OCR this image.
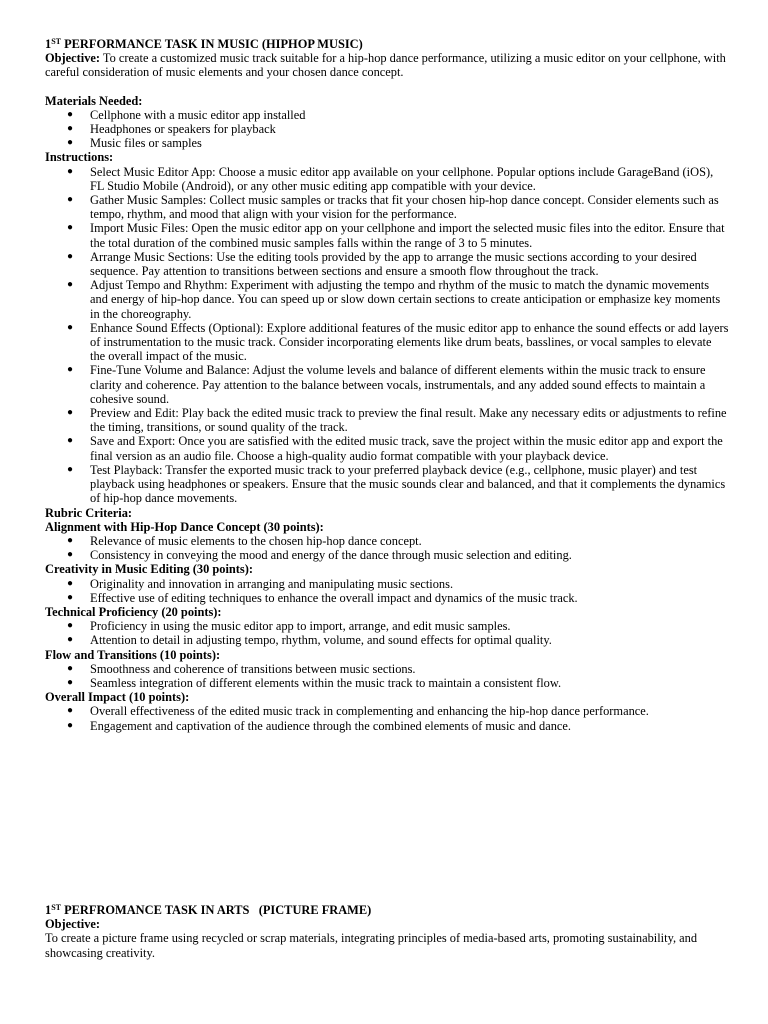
1ST PERFORMANCE TASK IN MUSIC (HIPHOP MUSIC)

Objective: To create a customized music track suitable for a hip-hop dance performance, utilizing a music editor on your cellphone, with careful consideration of music elements and your chosen dance concept.

Materials Needed:

● Cellphone with a music editor app installed
● Headphones or speakers for playback
● Music files or samples

Instructions:

● Select Music Editor App: Choose a music editor app available on your cellphone. Popular options include GarageBand (iOS), FL Studio Mobile (Android), or any other music editing app compatible with your device.
● Gather Music Samples: Collect music samples or tracks that fit your chosen hip-hop dance concept. Consider elements such as tempo, rhythm, and mood that align with your vision for the performance.
● Import Music Files: Open the music editor app on your cellphone and import the selected music files into the editor. Ensure that the total duration of the combined music samples falls within the range of 3 to 5 minutes.
● Arrange Music Sections: Use the editing tools provided by the app to arrange the music sections according to your desired sequence. Pay attention to transitions between sections and ensure a smooth flow throughout the track.
● Adjust Tempo and Rhythm: Experiment with adjusting the tempo and rhythm of the music to match the dynamic movements and energy of hip-hop dance. You can speed up or slow down certain sections to create anticipation or emphasize key moments in the choreography.
● Enhance Sound Effects (Optional): Explore additional features of the music editor app to enhance the sound effects or add layers of instrumentation to the music track. Consider incorporating elements like drum beats, basslines, or vocal samples to elevate the overall impact of the music.
● Fine-Tune Volume and Balance: Adjust the volume levels and balance of different elements within the music track to ensure clarity and coherence. Pay attention to the balance between vocals, instrumentals, and any added sound effects to maintain a cohesive sound.
● Preview and Edit: Play back the edited music track to preview the final result. Make any necessary edits or adjustments to refine the timing, transitions, or sound quality of the track.
● Save and Export: Once you are satisfied with the edited music track, save the project within the music editor app and export the final version as an audio file. Choose a high-quality audio format compatible with your playback device.
● Test Playback: Transfer the exported music track to your preferred playback device (e.g., cellphone, music player) and test playback using headphones or speakers. Ensure that the music sounds clear and balanced, and that it complements the dynamics of hip-hop dance movements.

Rubric Criteria:

Alignment with Hip-Hop Dance Concept (30 points):

● Relevance of music elements to the chosen hip-hop dance concept.
● Consistency in conveying the mood and energy of the dance through music selection and editing.

Creativity in Music Editing (30 points):

● Originality and innovation in arranging and manipulating music sections.
● Effective use of editing techniques to enhance the overall impact and dynamics of the music track.

Technical Proficiency (20 points):

● Proficiency in using the music editor app to import, arrange, and edit music samples.
● Attention to detail in adjusting tempo, rhythm, volume, and sound effects for optimal quality.

Flow and Transitions (10 points):

● Smoothness and coherence of transitions between music sections.
● Seamless integration of different elements within the music track to maintain a consistent flow.

Overall Impact (10 points):

● Overall effectiveness of the edited music track in complementing and enhancing the hip-hop dance performance.
● Engagement and captivation of the audience through the combined elements of music and dance.

1ST PERFROMANCE TASK IN ARTS   (PICTURE FRAME)

Objective:

To create a picture frame using recycled or scrap materials, integrating principles of media-based arts, promoting sustainability, and showcasing creativity.
